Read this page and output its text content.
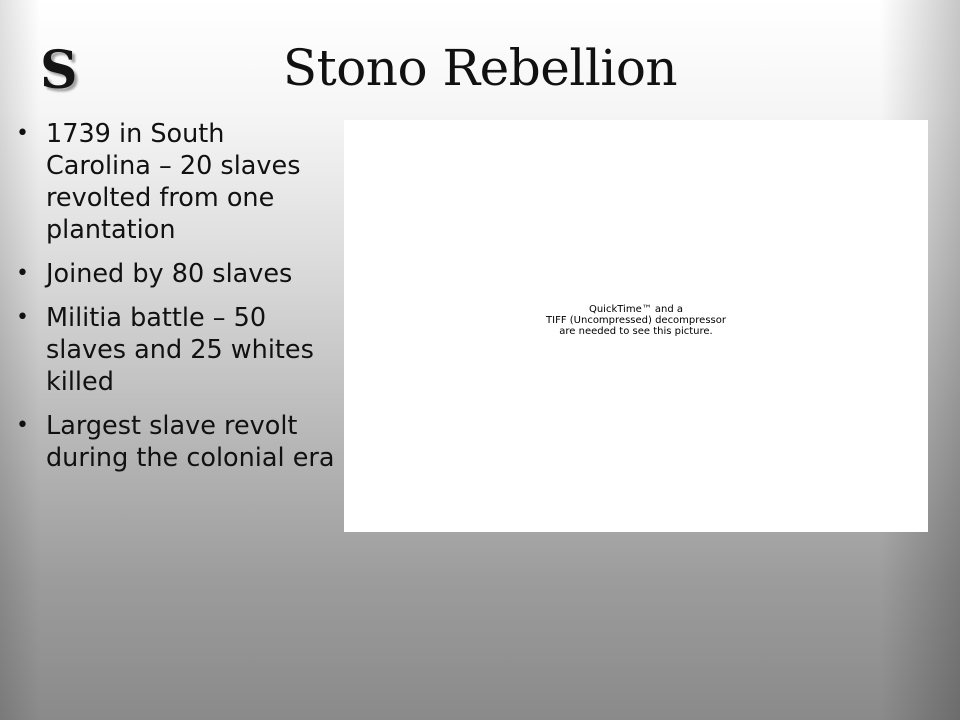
S	Stono Rebellion
• 1739 in South Carolina – 20 slaves revolted from one plantation
• Joined by 80 slaves
• Militia battle – 50 slaves and 25 whites killed
• Largest slave revolt during the colonial era
QuickTime™ and a
TIFF (Uncompressed) decompressor
are needed to see this picture.
